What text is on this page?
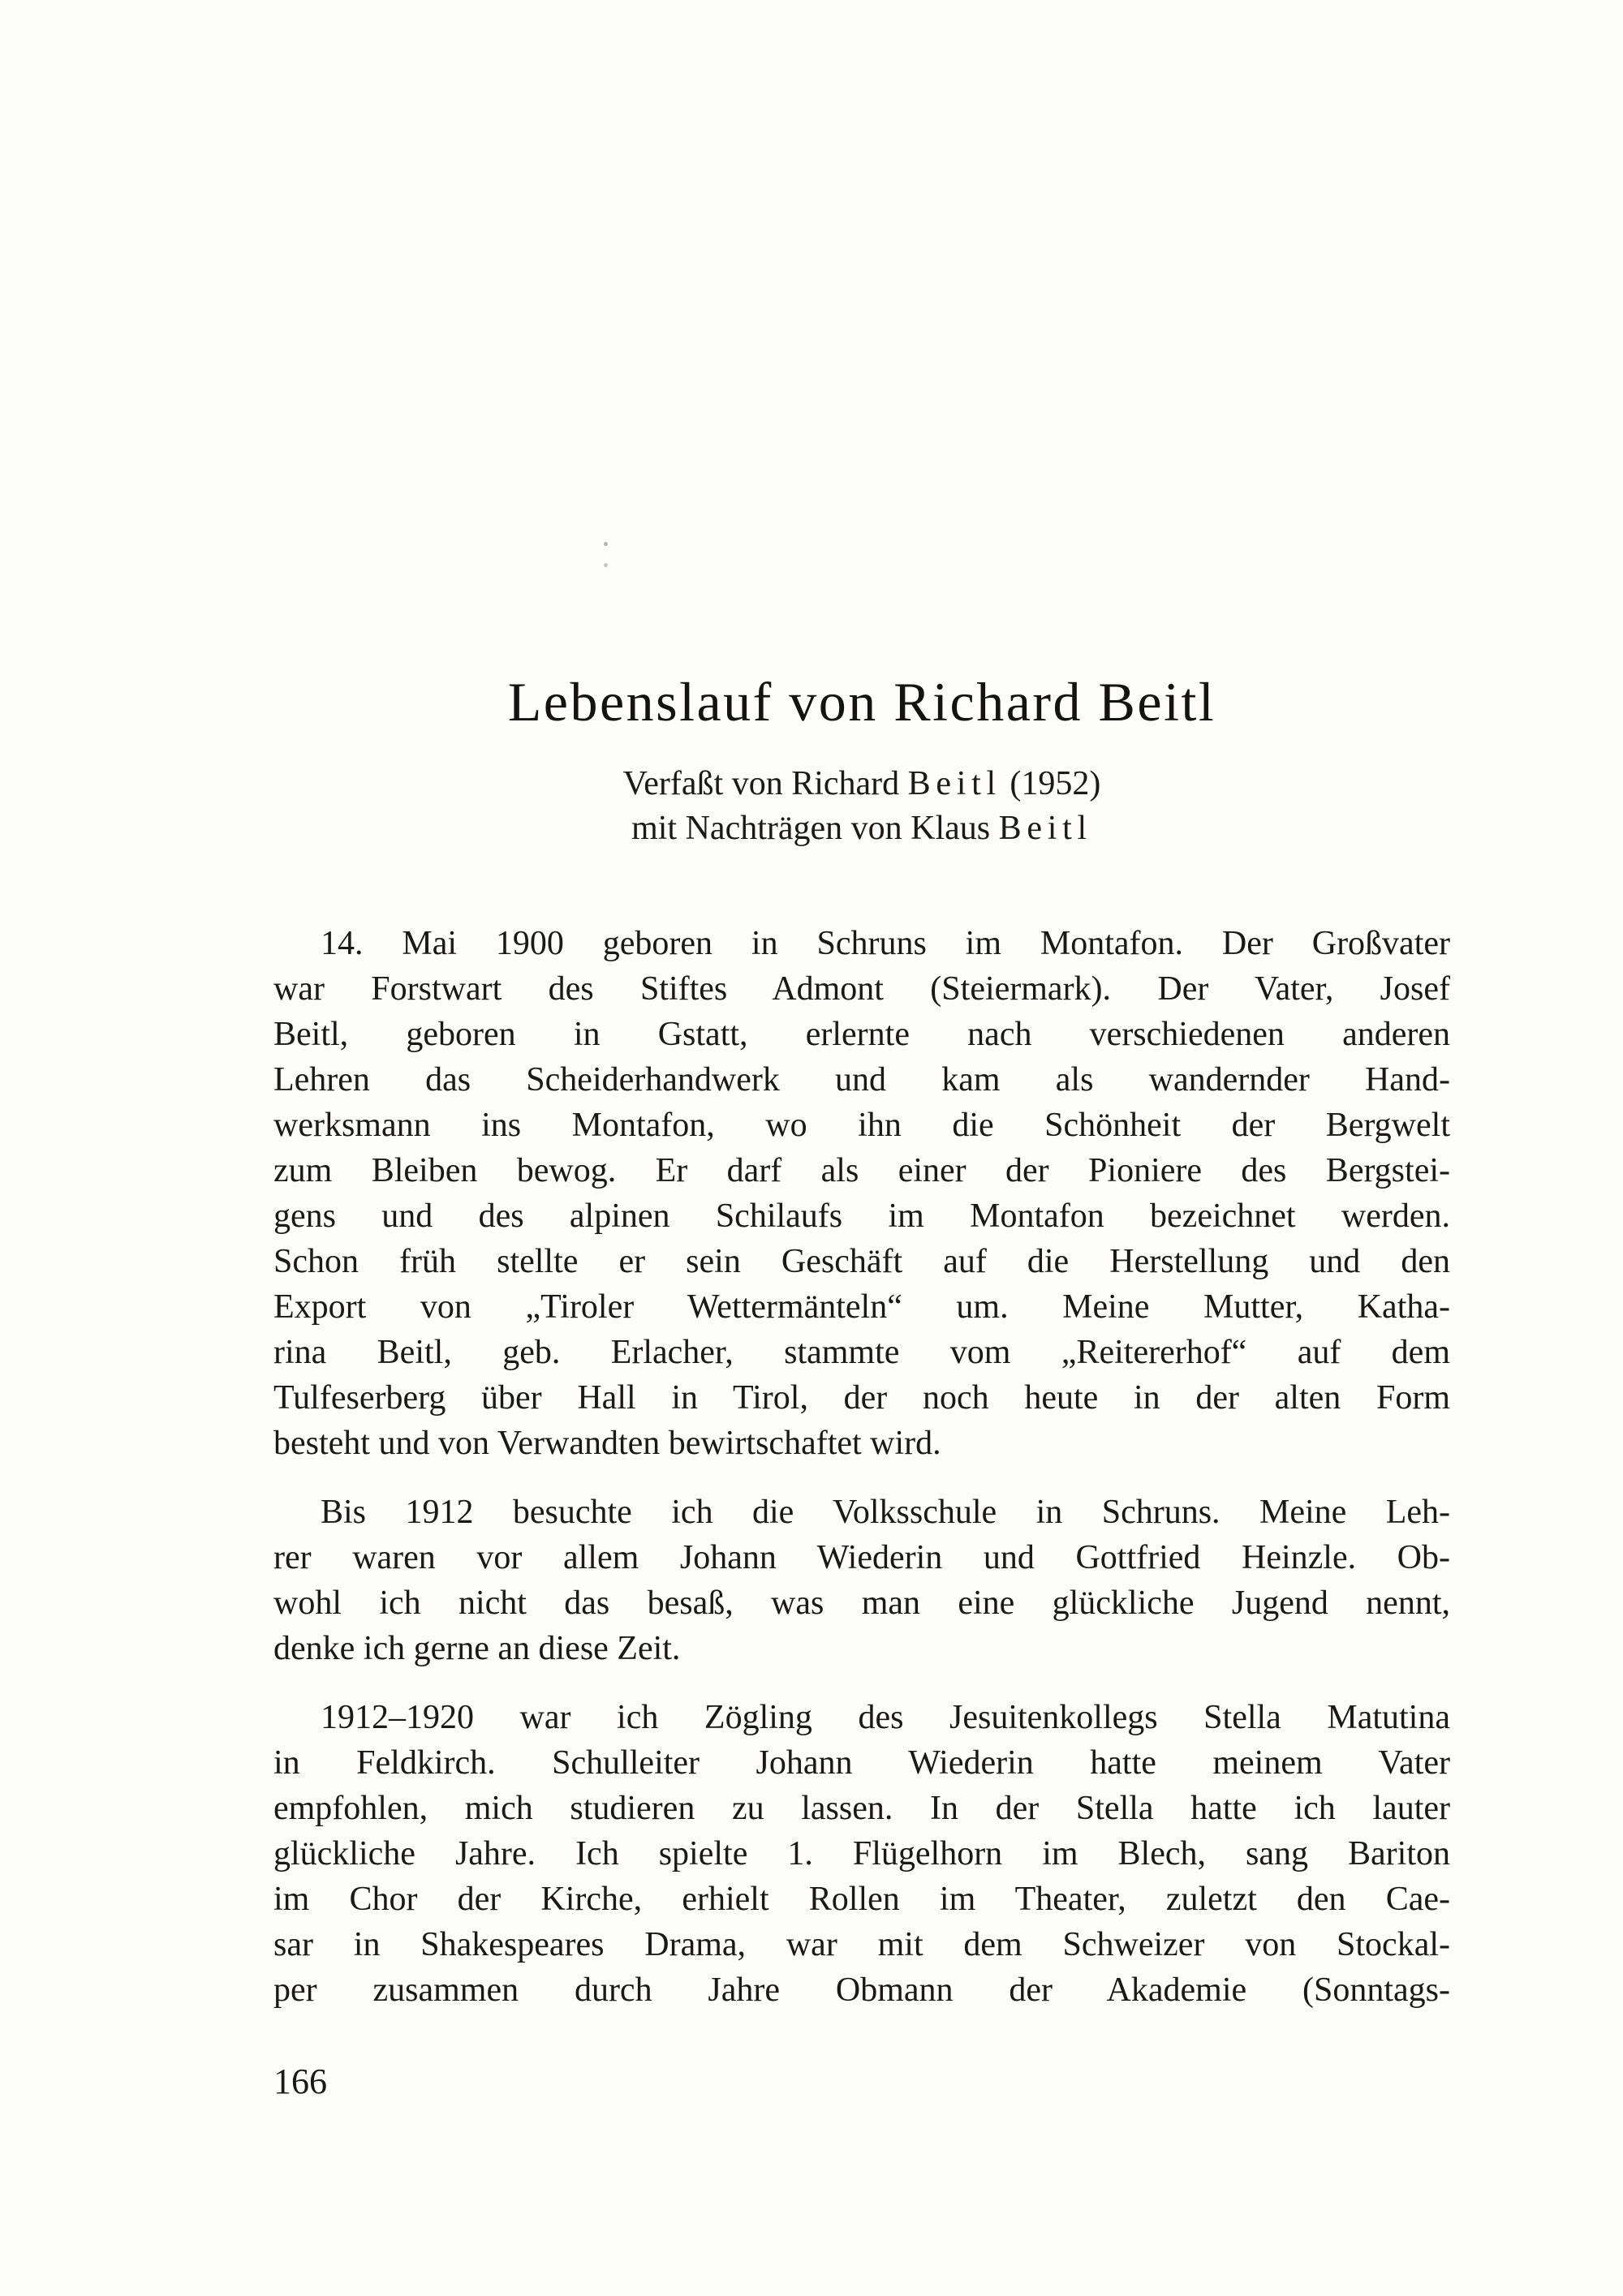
Lebenslauf von Richard Beitl
Verfaßt von Richard Beitl (1952)
mit Nachträgen von Klaus Beitl
14. Mai 1900 geboren in Schruns im Montafon. Der Großvater
war Forstwart des Stiftes Admont (Steiermark). Der Vater, Josef
Beitl, geboren in Gstatt, erlernte nach verschiedenen anderen
Lehren das Scheiderhandwerk und kam als wandernder Hand-
werksmann ins Montafon, wo ihn die Schönheit der Bergwelt
zum Bleiben bewog. Er darf als einer der Pioniere des Bergstei-
gens und des alpinen Schilaufs im Montafon bezeichnet werden.
Schon früh stellte er sein Geschäft auf die Herstellung und den
Export von „Tiroler Wettermänteln“ um. Meine Mutter, Katha-
rina Beitl, geb. Erlacher, stammte vom „Reitererhof“ auf dem
Tulfeserberg über Hall in Tirol, der noch heute in der alten Form
besteht und von Verwandten bewirtschaftet wird.
Bis 1912 besuchte ich die Volksschule in Schruns. Meine Leh-
rer waren vor allem Johann Wiederin und Gottfried Heinzle. Ob-
wohl ich nicht das besaß, was man eine glückliche Jugend nennt,
denke ich gerne an diese Zeit.
1912–1920 war ich Zögling des Jesuitenkollegs Stella Matutina
in Feldkirch. Schulleiter Johann Wiederin hatte meinem Vater
empfohlen, mich studieren zu lassen. In der Stella hatte ich lauter
glückliche Jahre. Ich spielte 1. Flügelhorn im Blech, sang Bariton
im Chor der Kirche, erhielt Rollen im Theater, zuletzt den Cae-
sar in Shakespeares Drama, war mit dem Schweizer von Stockal-
per zusammen durch Jahre Obmann der Akademie (Sonntags-
166
